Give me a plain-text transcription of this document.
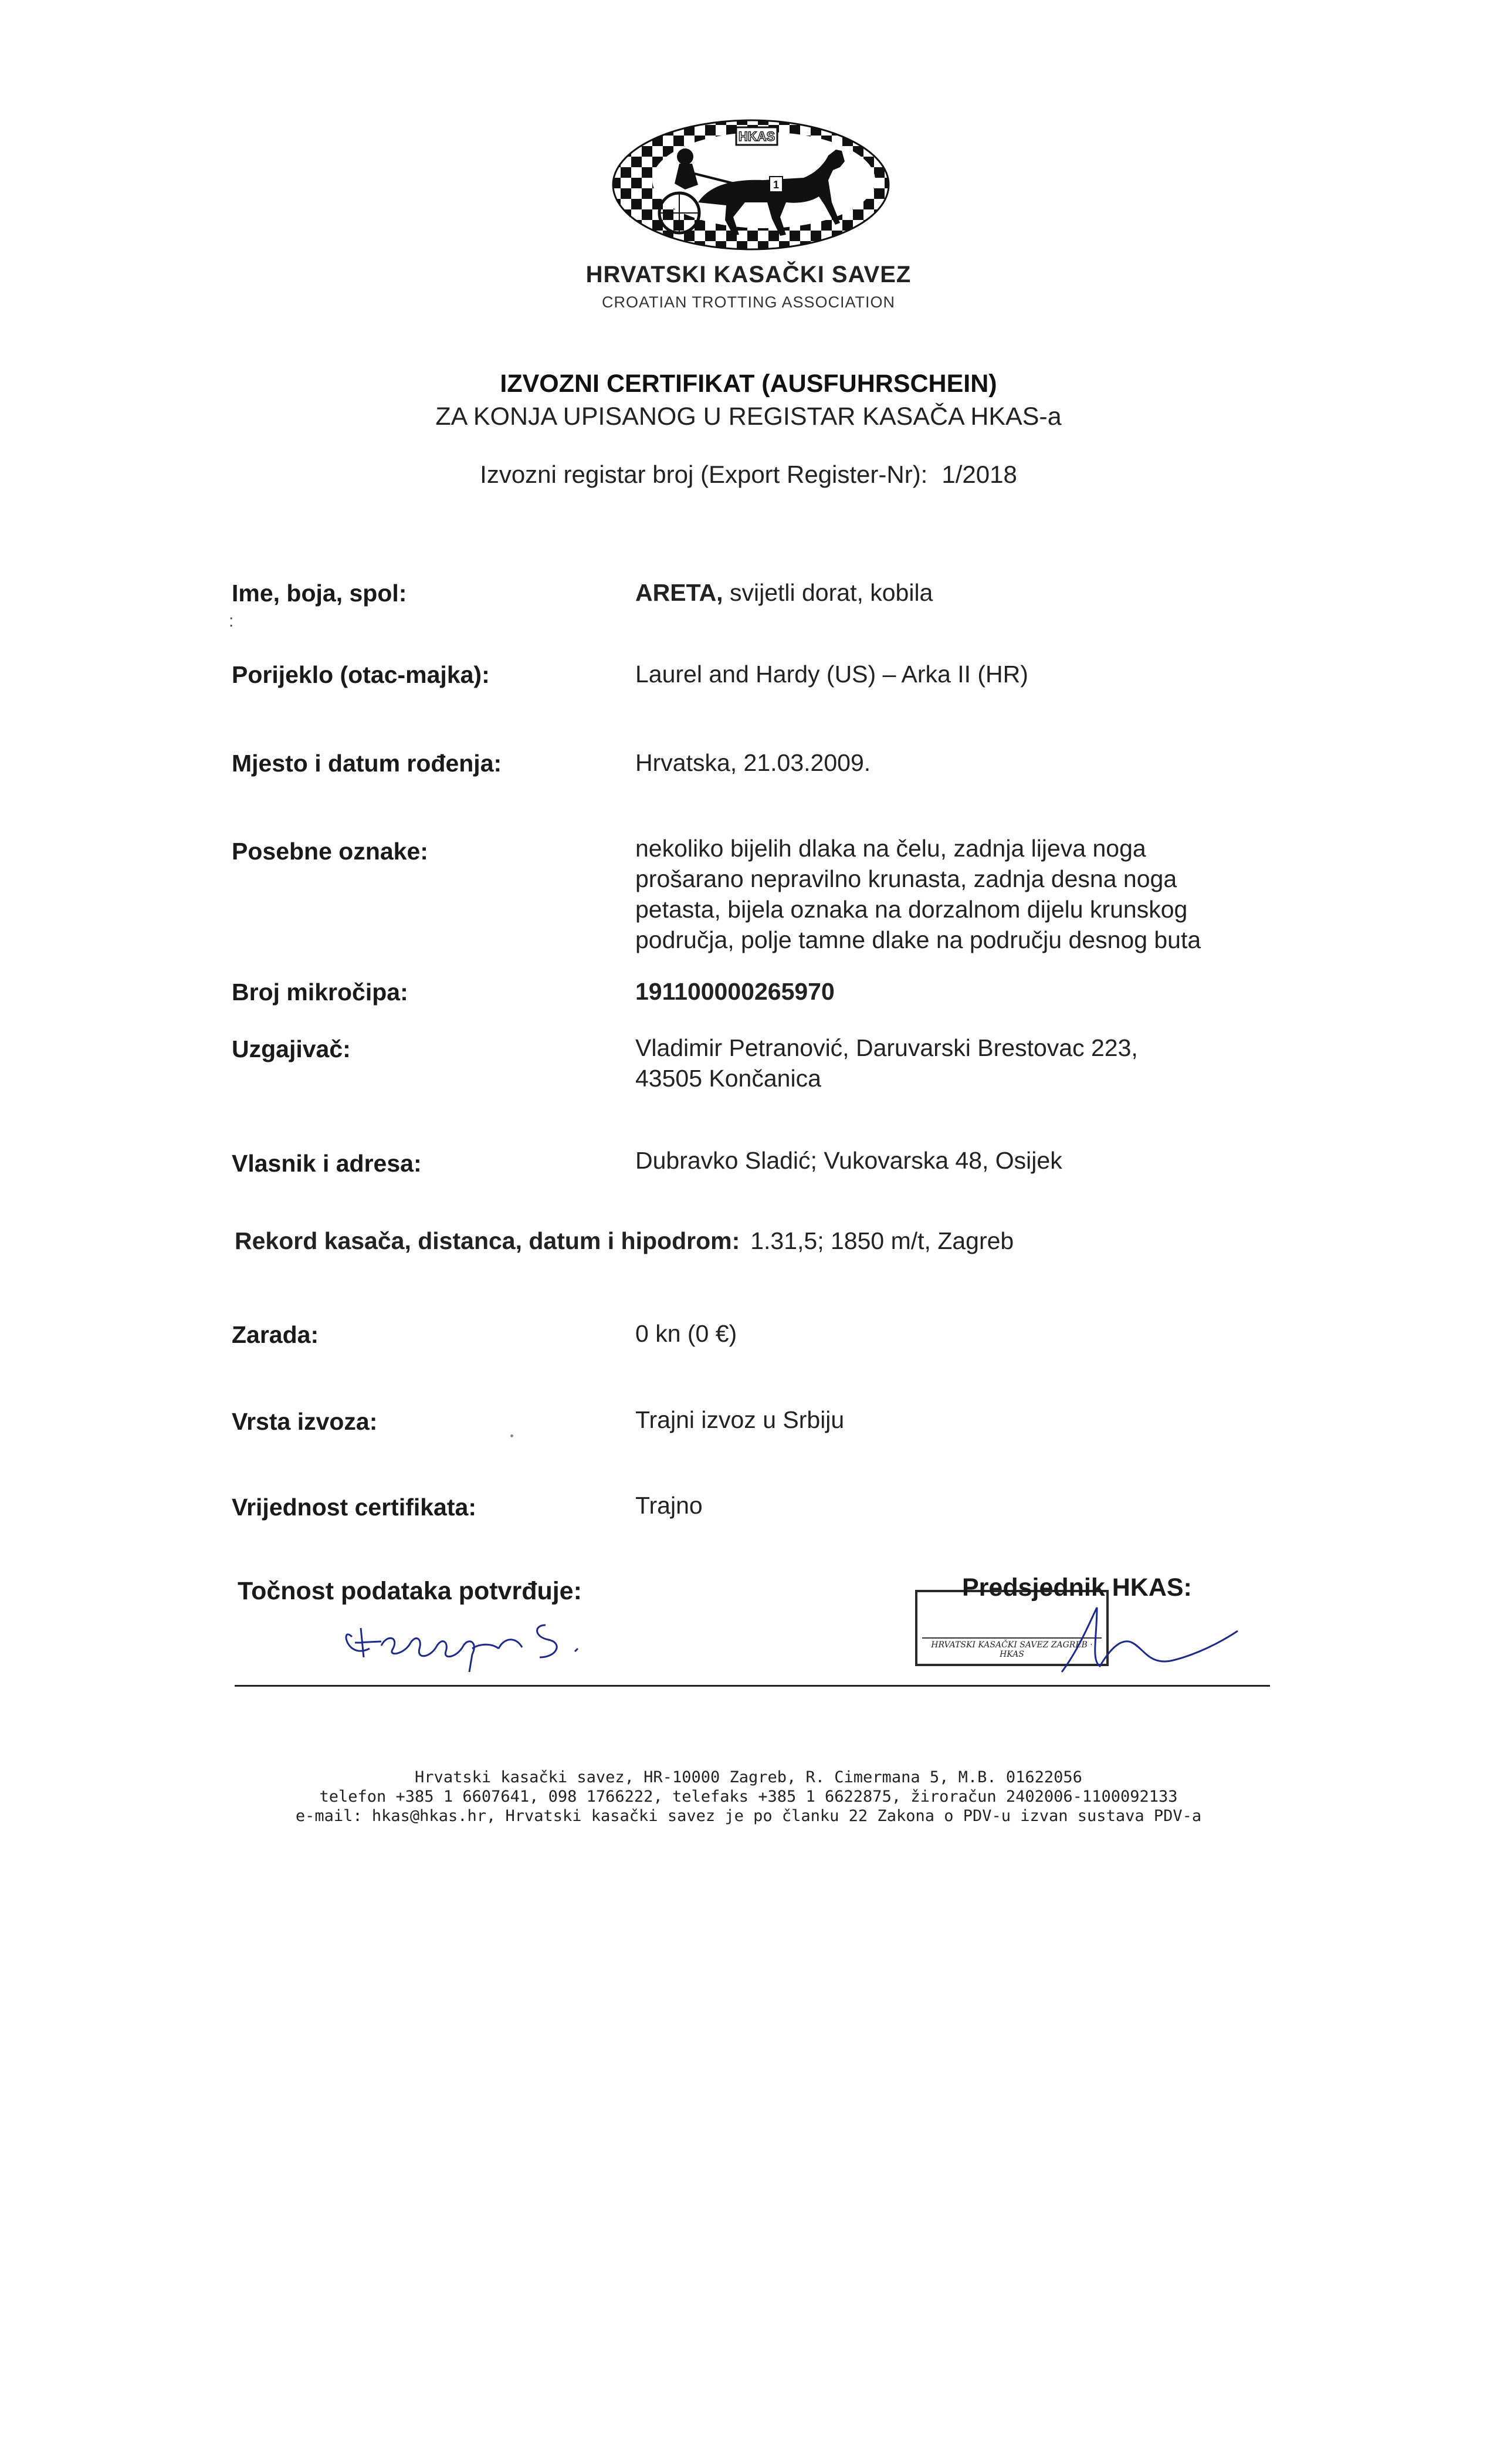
HKAS
1
HRVATSKI KASAČKI SAVEZ
CROATIAN TROTTING ASSOCIATION
IZVOZNI CERTIFIKAT (AUSFUHRSCHEIN)
ZA KONJA UPISANOG U REGISTAR KASAČA HKAS-a
Izvozni registar broj (Export Register-Nr): 1/2018
Ime, boja, spol:	ARETA, svijetli dorat, kobila
:
Porijeklo (otac-majka):	Laurel and Hardy (US) – Arka II (HR)
Mjesto i datum rođenja:	Hrvatska, 21.03.2009.
Posebne oznake:	nekoliko bijelih dlaka na čelu, zadnja lijeva noga
prošarano nepravilno krunasta, zadnja desna noga
petasta, bijela oznaka na dorzalnom dijelu krunskog
područja, polje tamne dlake na području desnog buta
Broj mikročipa:	191100000265970
Uzgajivač:	Vladimir Petranović, Daruvarski Brestovac 223,
43505 Končanica
Vlasnik i adresa:	Dubravko Sladić; Vukovarska 48, Osijek
Rekord kasača, distanca, datum i hipodrom: 1.31,5; 1850 m/t, Zagreb
Zarada:	0 kn (0 €)
Vrsta izvoza:	Trajni izvoz u Srbiju
Vrijednost certifikata:	Trajno
Točnost podataka potvrđuje:
HRVATSKI KASAČKI SAVEZ ZAGREB · HKAS
Predsjednik HKAS:
Hrvatski kasački savez, HR-10000 Zagreb, R. Cimermana 5, M.B. 01622056
telefon +385 1 6607641, 098 1766222, telefaks +385 1 6622875, žiroračun 2402006-1100092133
e-mail: hkas@hkas.hr, Hrvatski kasački savez je po članku 22 Zakona o PDV-u izvan sustava PDV-a
